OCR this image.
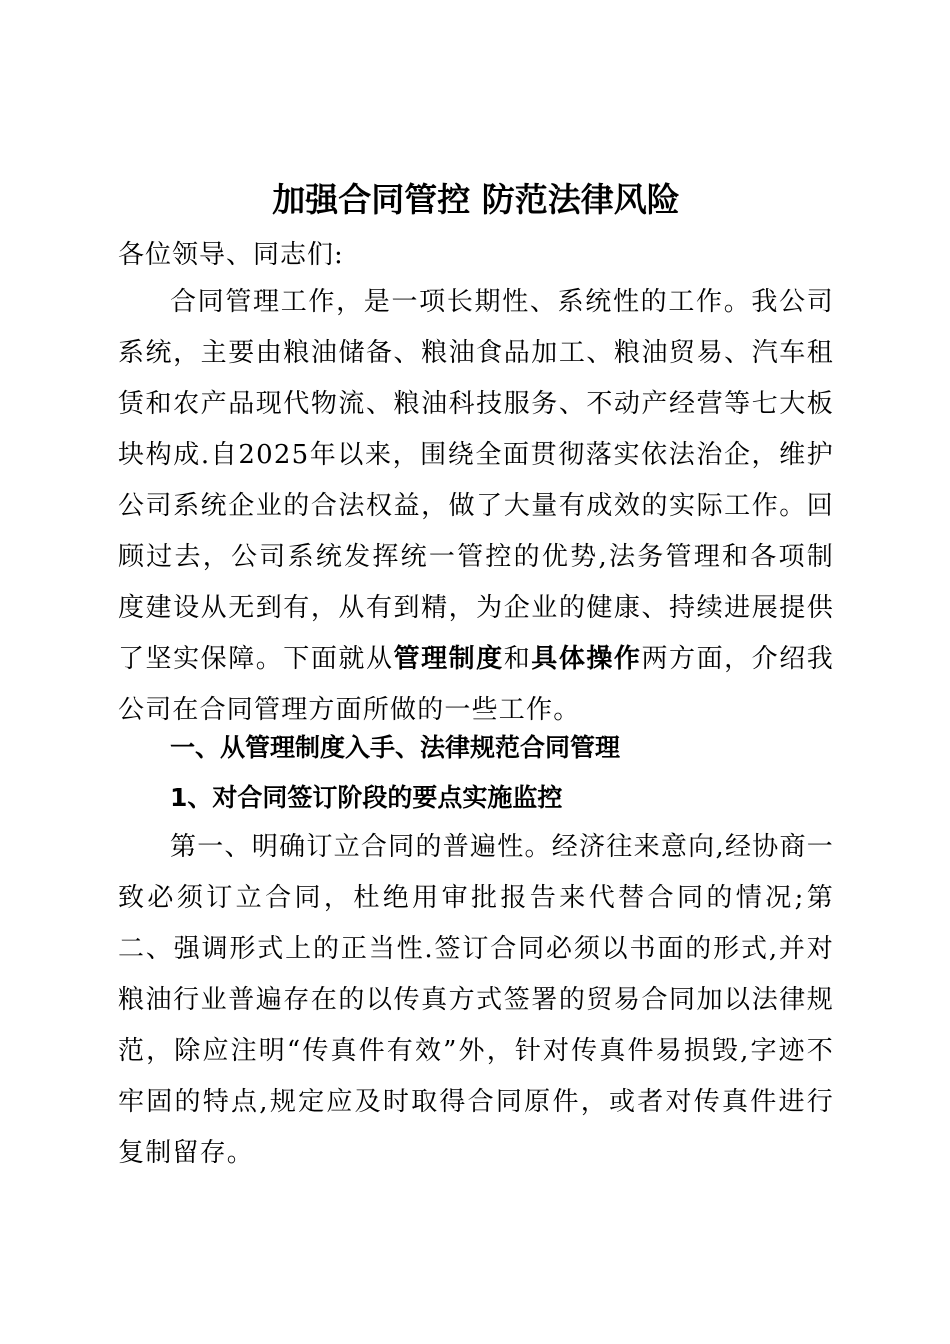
加强合同管控 防范法律风险
各位领导、同志们:

合同管理工作，是一项长期性、系统性的工作。我公司系统，主要由粮油储备、粮油食品加工、粮油贸易、汽车租赁和农产品现代物流、粮油科技服务、不动产经营等七大板块构成.自2025年以来，围绕全面贯彻落实依法治企，维护公司系统企业的合法权益，做了大量有成效的实际工作。回顾过去，公司系统发挥统一管控的优势,法务管理和各项制度建设从无到有，从有到精，为企业的健康、持续进展提供了坚实保障。下面就从管理制度和具体操作两方面，介绍我公司在合同管理方面所做的一些工作。

一、从管理制度入手、法律规范合同管理
1、对合同签订阶段的要点实施监控

第一、明确订立合同的普遍性。经济往来意向,经协商一致必须订立合同，杜绝用审批报告来代替合同的情况;第二、强调形式上的正当性.签订合同必须以书面的形式,并对粮油行业普遍存在的以传真方式签署的贸易合同加以法律规范，除应注明“传真件有效”外，针对传真件易损毁,字迹不牢固的特点,规定应及时取得合同原件，或者对传真件进行复制留存。
